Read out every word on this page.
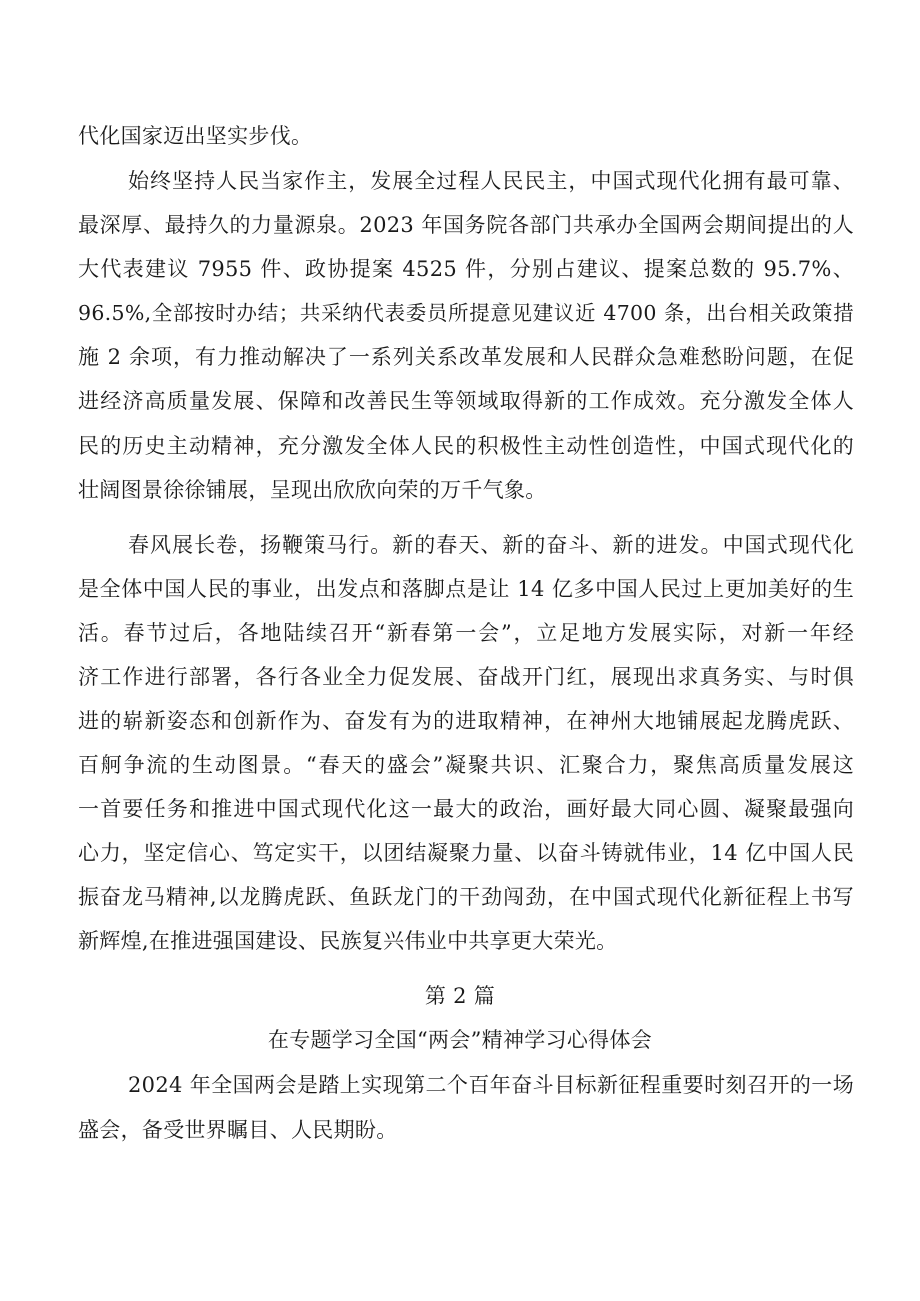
代化国家迈出坚实步伐。
始终坚持人民当家作主，发展全过程人民民主，中国式现代化拥有最可靠、
最深厚、最持久的力量源泉。2023 年国务院各部门共承办全国两会期间提出的人
大代表建议 7955 件、政协提案 4525 件，分别占建议、提案总数的 95.7%、
96.5%,全部按时办结；共采纳代表委员所提意见建议近 4700 条，出台相关政策措
施 2 余项，有力推动解决了一系列关系改革发展和人民群众急难愁盼问题，在促
进经济高质量发展、保障和改善民生等领域取得新的工作成效。充分激发全体人
民的历史主动精神，充分激发全体人民的积极性主动性创造性，中国式现代化的
壮阔图景徐徐铺展，呈现出欣欣向荣的万千气象。
春风展长卷，扬鞭策马行。新的春天、新的奋斗、新的进发。中国式现代化
是全体中国人民的事业，出发点和落脚点是让 14 亿多中国人民过上更加美好的生
活。春节过后，各地陆续召开“新春第一会”，立足地方发展实际，对新一年经
济工作进行部署，各行各业全力促发展、奋战开门红，展现出求真务实、与时俱
进的崭新姿态和创新作为、奋发有为的进取精神，在神州大地铺展起龙腾虎跃、
百舸争流的生动图景。“春天的盛会”凝聚共识、汇聚合力，聚焦高质量发展这
一首要任务和推进中国式现代化这一最大的政治，画好最大同心圆、凝聚最强向
心力，坚定信心、笃定实干，以团结凝聚力量、以奋斗铸就伟业，14 亿中国人民
振奋龙马精神,以龙腾虎跃、鱼跃龙门的干劲闯劲，在中国式现代化新征程上书写
新辉煌,在推进强国建设、民族复兴伟业中共享更大荣光。
第 2 篇
在专题学习全国“两会”精神学习心得体会
2024 年全国两会是踏上实现第二个百年奋斗目标新征程重要时刻召开的一场
盛会，备受世界瞩目、人民期盼。
